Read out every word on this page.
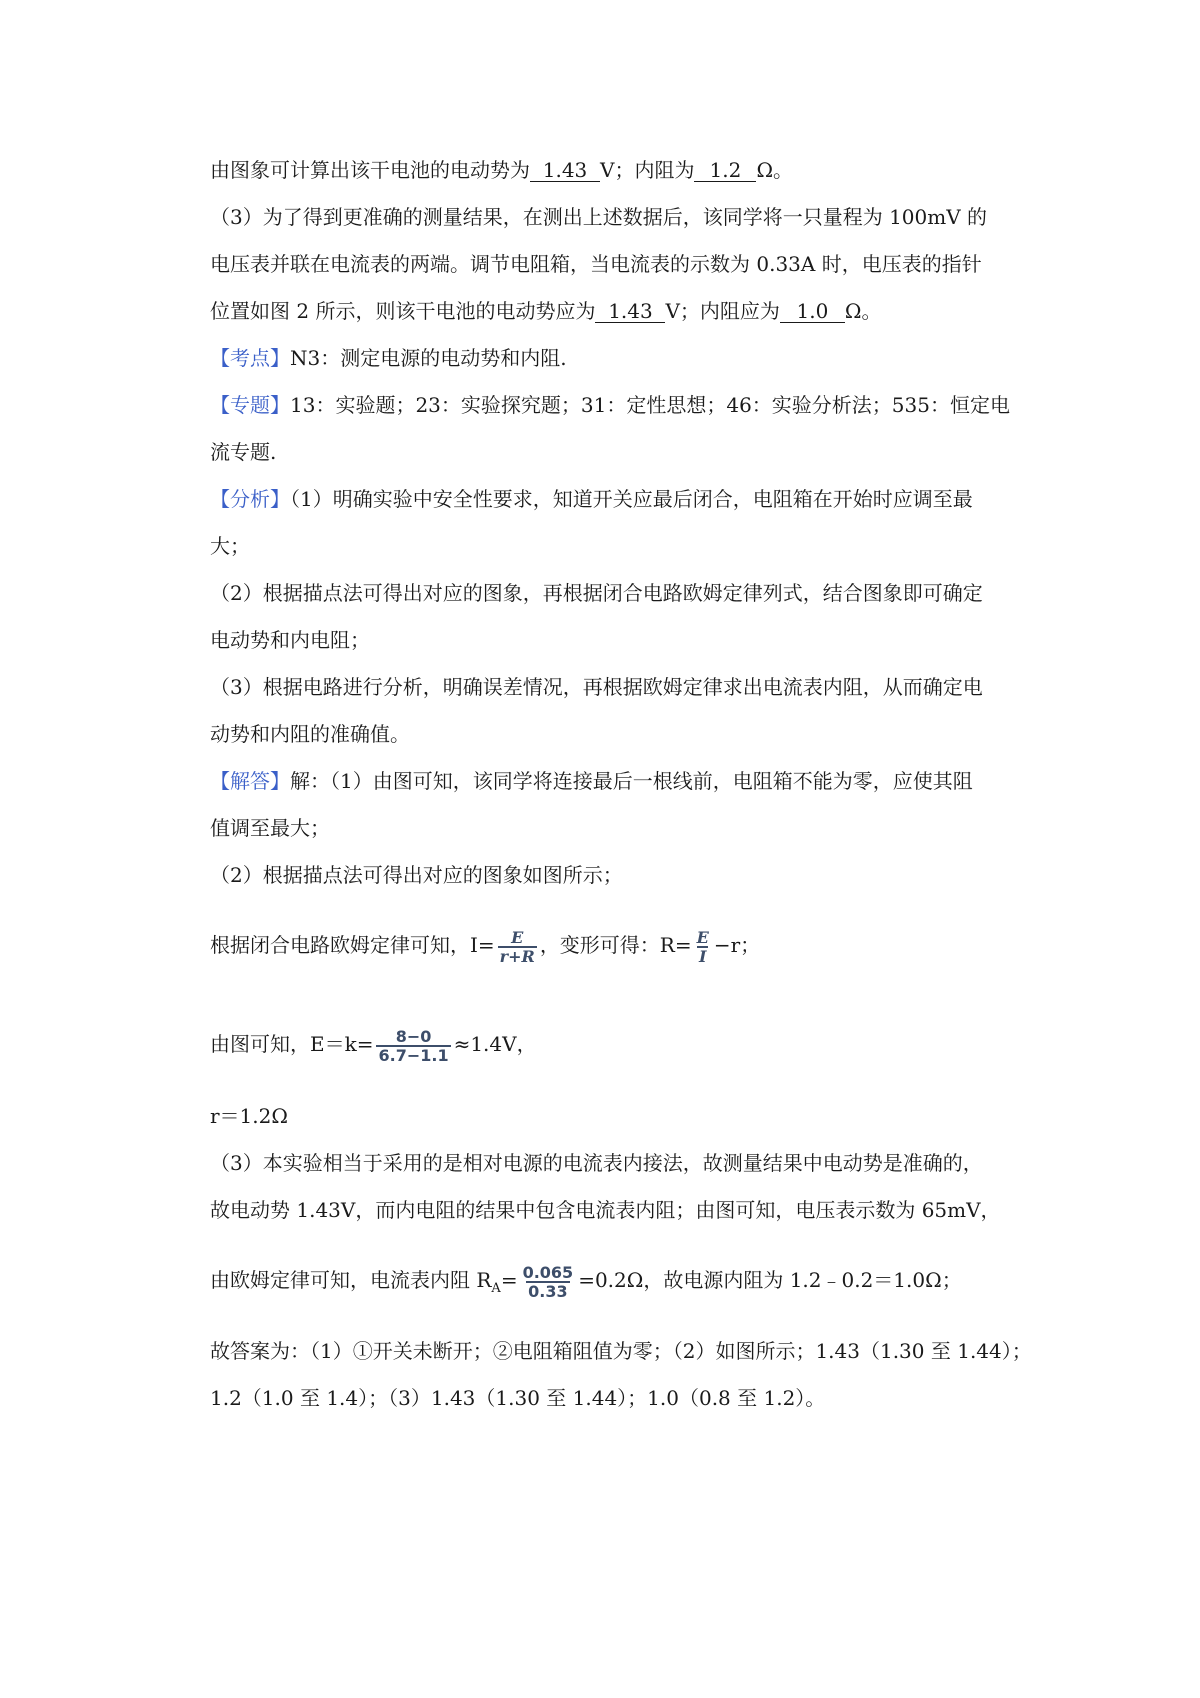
由图象可计算出该干电池的电动势为 1.43 V；内阻为 1.2 Ω。
（3）为了得到更准确的测量结果，在测出上述数据后，该同学将一只量程为 100mV 的
电压表并联在电流表的两端。调节电阻箱，当电流表的示数为 0.33A 时，电压表的指针
位置如图 2 所示，则该干电池的电动势应为 1.43 V；内阻应为 1.0 Ω。
【考点】N3：测定电源的电动势和内阻.
【专题】13：实验题；23：实验探究题；31：定性思想；46：实验分析法；535：恒定电
流专题.
【分析】（1）明确实验中安全性要求，知道开关应最后闭合，电阻箱在开始时应调至最
大；
（2）根据描点法可得出对应的图象，再根据闭合电路欧姆定律列式，结合图象即可确定
电动势和内电阻；
（3）根据电路进行分析，明确误差情况，再根据欧姆定律求出电流表内阻，从而确定电
动势和内阻的准确值。
【解答】解：（1）由图可知，该同学将连接最后一根线前，电阻箱不能为零，应使其阻
值调至最大；
（2）根据描点法可得出对应的图象如图所示；
根据闭合电路欧姆定律可知，$I= \frac{E}{r+R}$ ，变形可得：$R= \frac{E}{I} -r$；
由图可知，$E=k= \frac{8-0}{6.7-1.1} \approx 1.4V$，
r＝1.2Ω
（3）本实验相当于采用的是相对电源的电流表内接法，故测量结果中电动势是准确的，
故电动势 1.43V，而内电阻的结果中包含电流表内阻；由图可知，电压表示数为 65mV，
由欧姆定律可知，电流表内阻 $R_A= \frac{0.065}{0.33} =0.2\Omega$，故电源内阻为 1.2﹣0.2＝1.0Ω；
故答案为：（1）①开关未断开；②电阻箱阻值为零；（2）如图所示；1.43（1.30 至 1.44）；
1.2（1.0 至 1.4）；（3）1.43（1.30 至 1.44）；1.0（0.8 至 1.2）。
